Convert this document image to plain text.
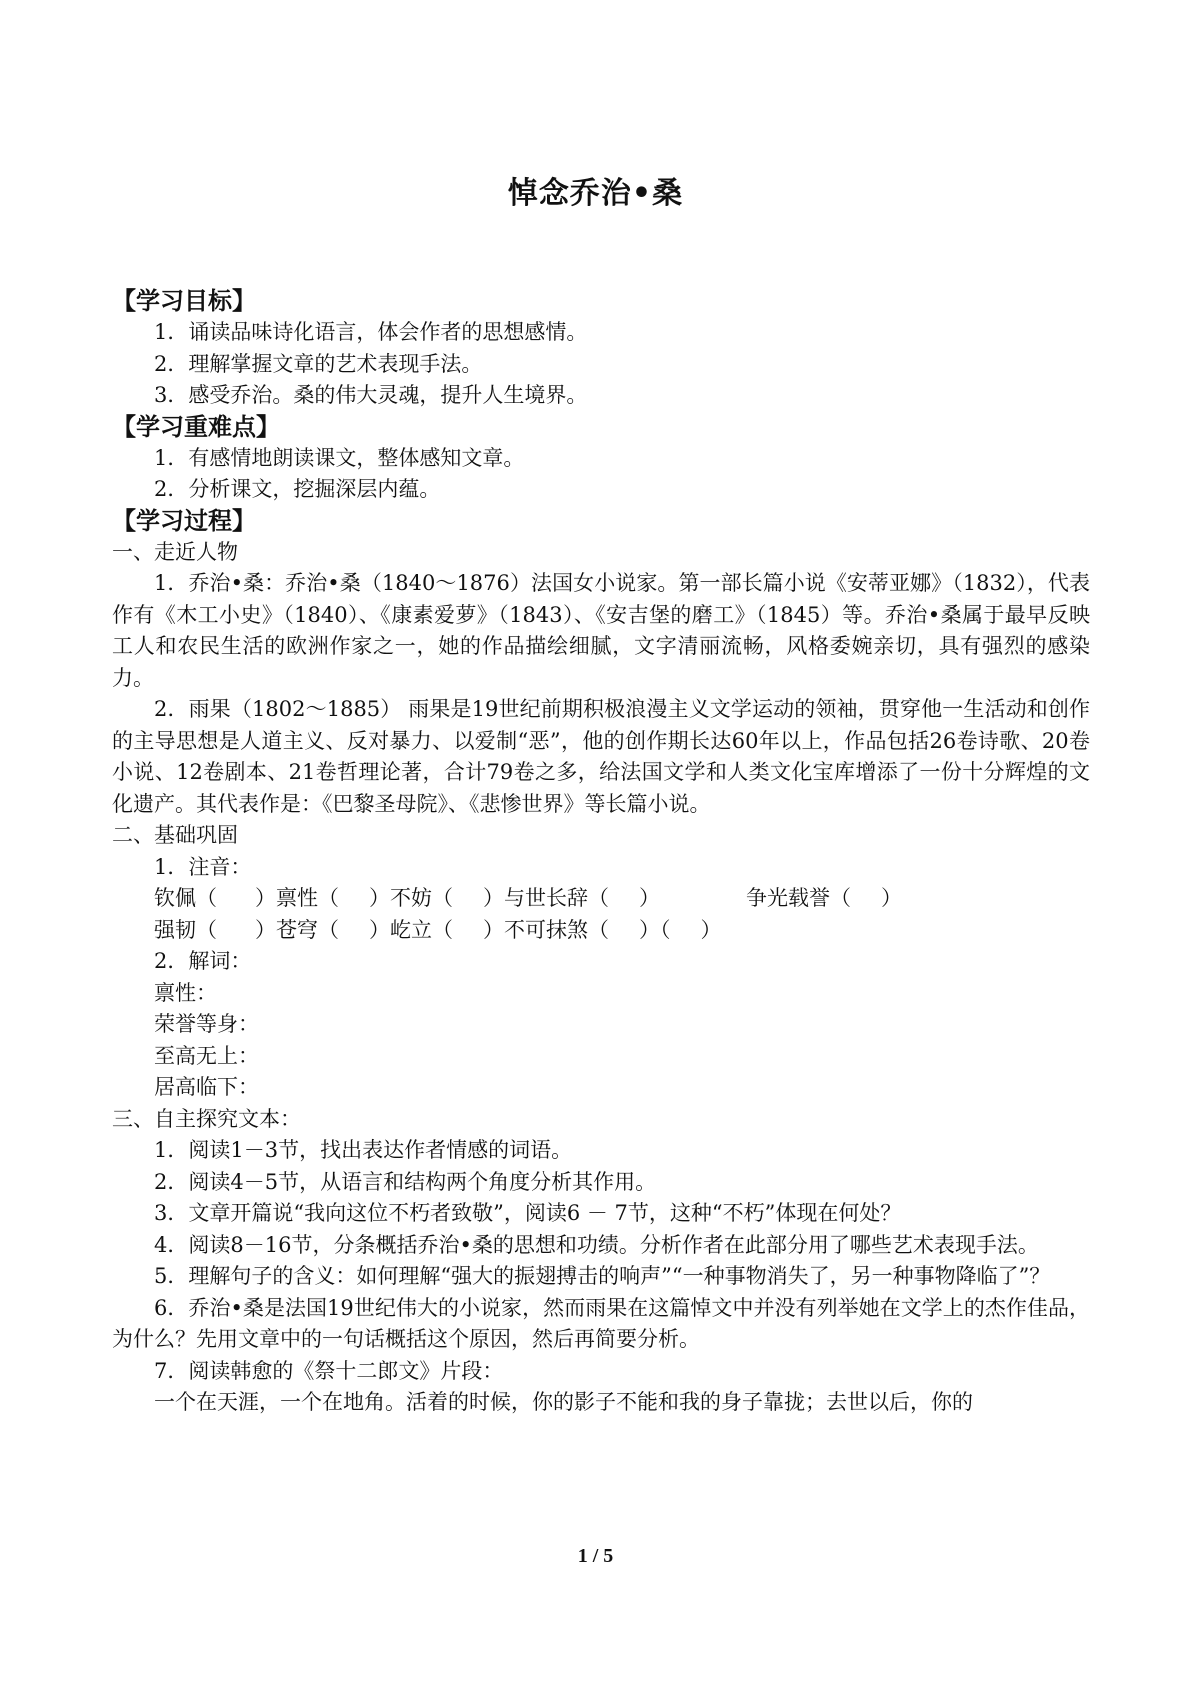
悼念乔治•桑
【学习目标】
1．诵读品味诗化语言，体会作者的思想感情。
2．理解掌握文章的艺术表现手法。
3．感受乔治。桑的伟大灵魂，提升人生境界。
【学习重难点】
1．有感情地朗读课文，整体感知文章。
2．分析课文，挖掘深层内蕴。
【学习过程】
一、走近人物
1．乔治•桑：乔治•桑（1840～1876）法国女小说家。第一部长篇小说《安蒂亚娜》（1832），代表作有《木工小史》（1840）、《康素爱萝》（1843）、《安吉堡的磨工》（1845）等。乔治•桑属于最早反映工人和农民生活的欧洲作家之一，她的作品描绘细腻，文字清丽流畅，风格委婉亲切，具有强烈的感染力。
2．雨果（1802～1885） 雨果是19世纪前期积极浪漫主义文学运动的领袖，贯穿他一生活动和创作的主导思想是人道主义、反对暴力、以爱制“恶”，他的创作期长达60年以上，作品包括26卷诗歌、20卷小说、12卷剧本、21卷哲理论著，合计79卷之多，给法国文学和人类文化宝库增添了一份十分辉煌的文化遗产。其代表作是：《巴黎圣母院》、《悲惨世界》等长篇小说。
二、基础巩固
1．注音：
钦佩（ ）禀性（ ）不妨（ ）与世长辞（ ）	争光载誉（ ）
强韧（ ）苍穹（ ）屹立（ ）不可抹煞（ ）（ ）
2．解词：
禀性：
荣誉等身：
至高无上：
居高临下：
三、自主探究文本：
1．阅读1－3节，找出表达作者情感的词语。
2．阅读4－5节，从语言和结构两个角度分析其作用。
3．文章开篇说“我向这位不朽者致敬”，阅读6 － 7节，这种“不朽”体现在何处？
4．阅读8－16节，分条概括乔治•桑的思想和功绩。分析作者在此部分用了哪些艺术表现手法。
5．理解句子的含义：如何理解“强大的振翅搏击的响声”“一种事物消失了，另一种事物降临了”？
6．乔治•桑是法国19世纪伟大的小说家，然而雨果在这篇悼文中并没有列举她在文学上的杰作佳品，为什么？先用文章中的一句话概括这个原因，然后再简要分析。
7．阅读韩愈的《祭十二郎文》片段：
一个在天涯，一个在地角。活着的时候，你的影子不能和我的身子靠拢；去世以后，你的
1 / 5
